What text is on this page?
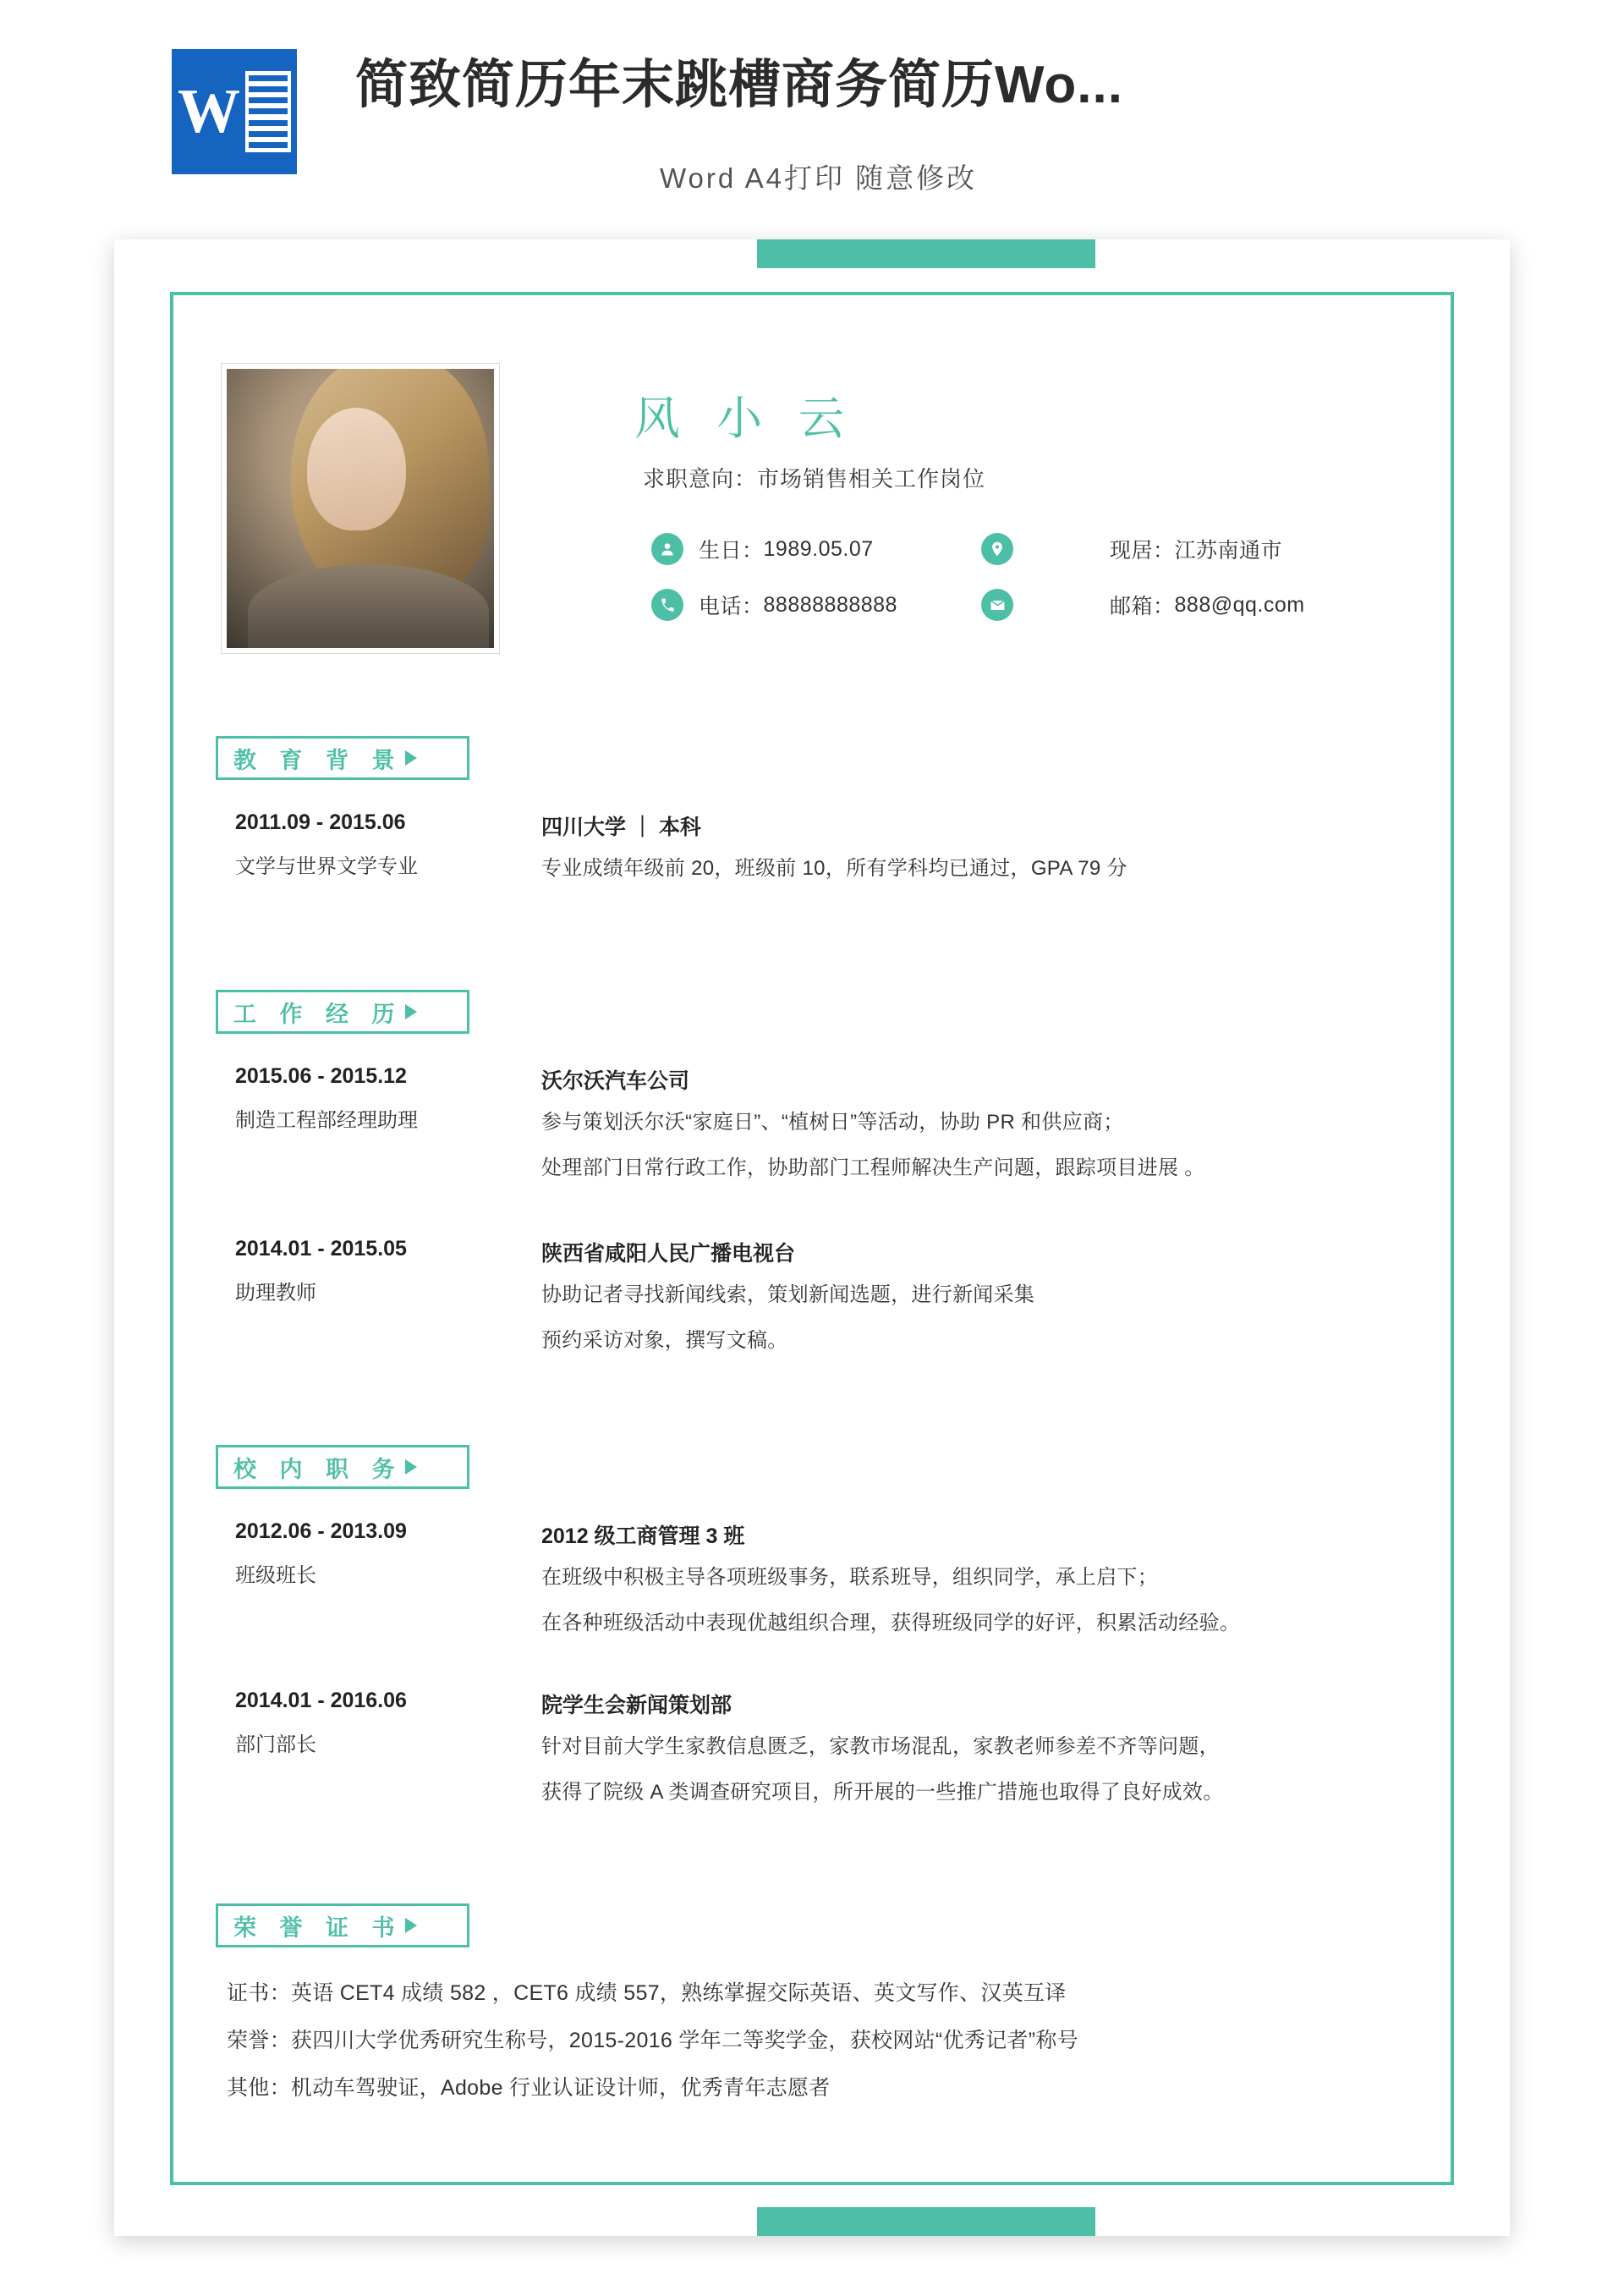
W 简致简历年末跳槽商务简历Wo...
Word A4打印 随意修改
风 小 云
求职意向：市场销售相关工作岗位
生日： 1989.05.07	现居： 江苏南通市
电话： 88888888888	邮箱： 888@qq.com
教 育 背 景
2011.09 - 2015.06
文学与世界文学专业
四川大学 ｜ 本科
专业成绩年级前 20，班级前 10，所有学科均已通过，GPA 79 分
工 作 经 历
2015.06 - 2015.12
制造工程部经理助理
沃尔沃汽车公司
参与策划沃尔沃“家庭日”、“植树日”等活动，协助 PR 和供应商；
处理部门日常行政工作，协助部门工程师解决生产问题，跟踪项目进展 。
2014.01 - 2015.05
助理教师
陕西省咸阳人民广播电视台
协助记者寻找新闻线索，策划新闻选题，进行新闻采集
预约采访对象，撰写文稿。
校 内 职 务
2012.06 - 2013.09
班级班长
2012 级工商管理 3 班
在班级中积极主导各项班级事务，联系班导，组织同学，承上启下；
在各种班级活动中表现优越组织合理，获得班级同学的好评，积累活动经验。
2014.01 - 2016.06
部门部长
院学生会新闻策划部
针对目前大学生家教信息匮乏，家教市场混乱，家教老师参差不齐等问题，
获得了院级 A 类调查研究项目，所开展的一些推广措施也取得了良好成效。
荣 誉 证 书
证书：英语 CET4 成绩 582 ，CET6 成绩 557，熟练掌握交际英语、英文写作、汉英互译
荣誉：获四川大学优秀研究生称号，2015-2016 学年二等奖学金，获校网站“优秀记者”称号
其他：机动车驾驶证，Adobe 行业认证设计师，优秀青年志愿者
